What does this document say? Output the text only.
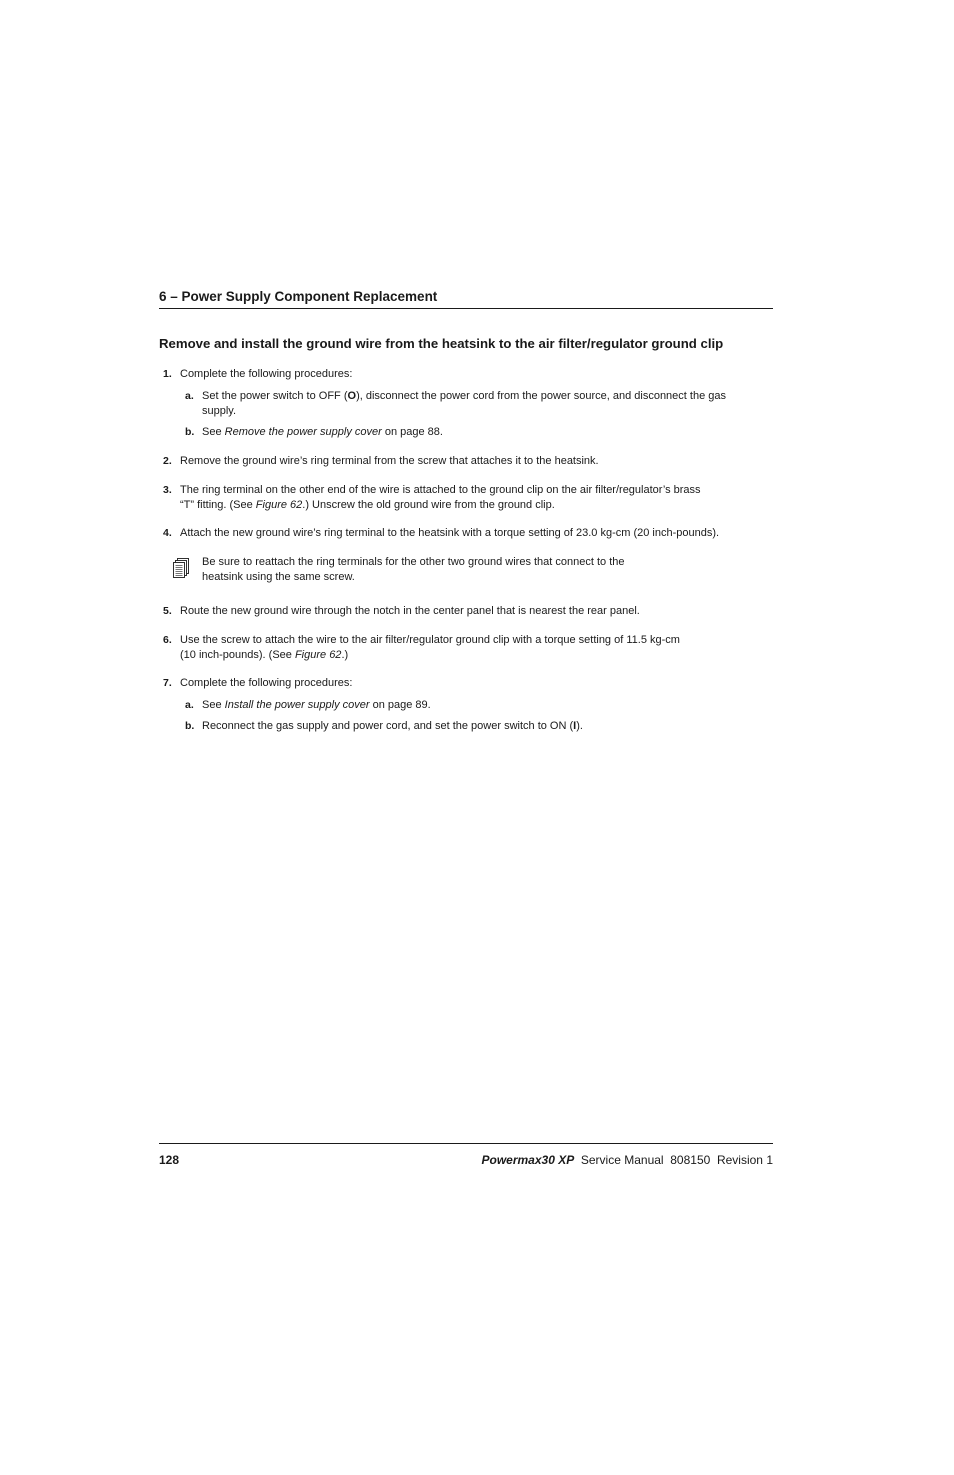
6 – Power Supply Component Replacement
Remove and install the ground wire from the heatsink to the air filter/regulator ground clip
1. Complete the following procedures:
a. Set the power switch to OFF (O), disconnect the power cord from the power source, and disconnect the gas
supply.
b. See Remove the power supply cover on page 88.
2. Remove the ground wire’s ring terminal from the screw that attaches it to the heatsink.
3. The ring terminal on the other end of the wire is attached to the ground clip on the air filter/regulator’s brass
“T” fitting. (See Figure 62.) Unscrew the old ground wire from the ground clip.
4. Attach the new ground wire’s ring terminal to the heatsink with a torque setting of 23.0 kg-cm (20 inch-pounds).
Be sure to reattach the ring terminals for the other two ground wires that connect to the
heatsink using the same screw.
5. Route the new ground wire through the notch in the center panel that is nearest the rear panel.
6. Use the screw to attach the wire to the air filter/regulator ground clip with a torque setting of 11.5 kg-cm
(10 inch-pounds). (See Figure 62.)
7. Complete the following procedures:
a. See Install the power supply cover on page 89.
b. Reconnect the gas supply and power cord, and set the power switch to ON (I).
128	Powermax30 XP Service Manual  808150  Revision 1
